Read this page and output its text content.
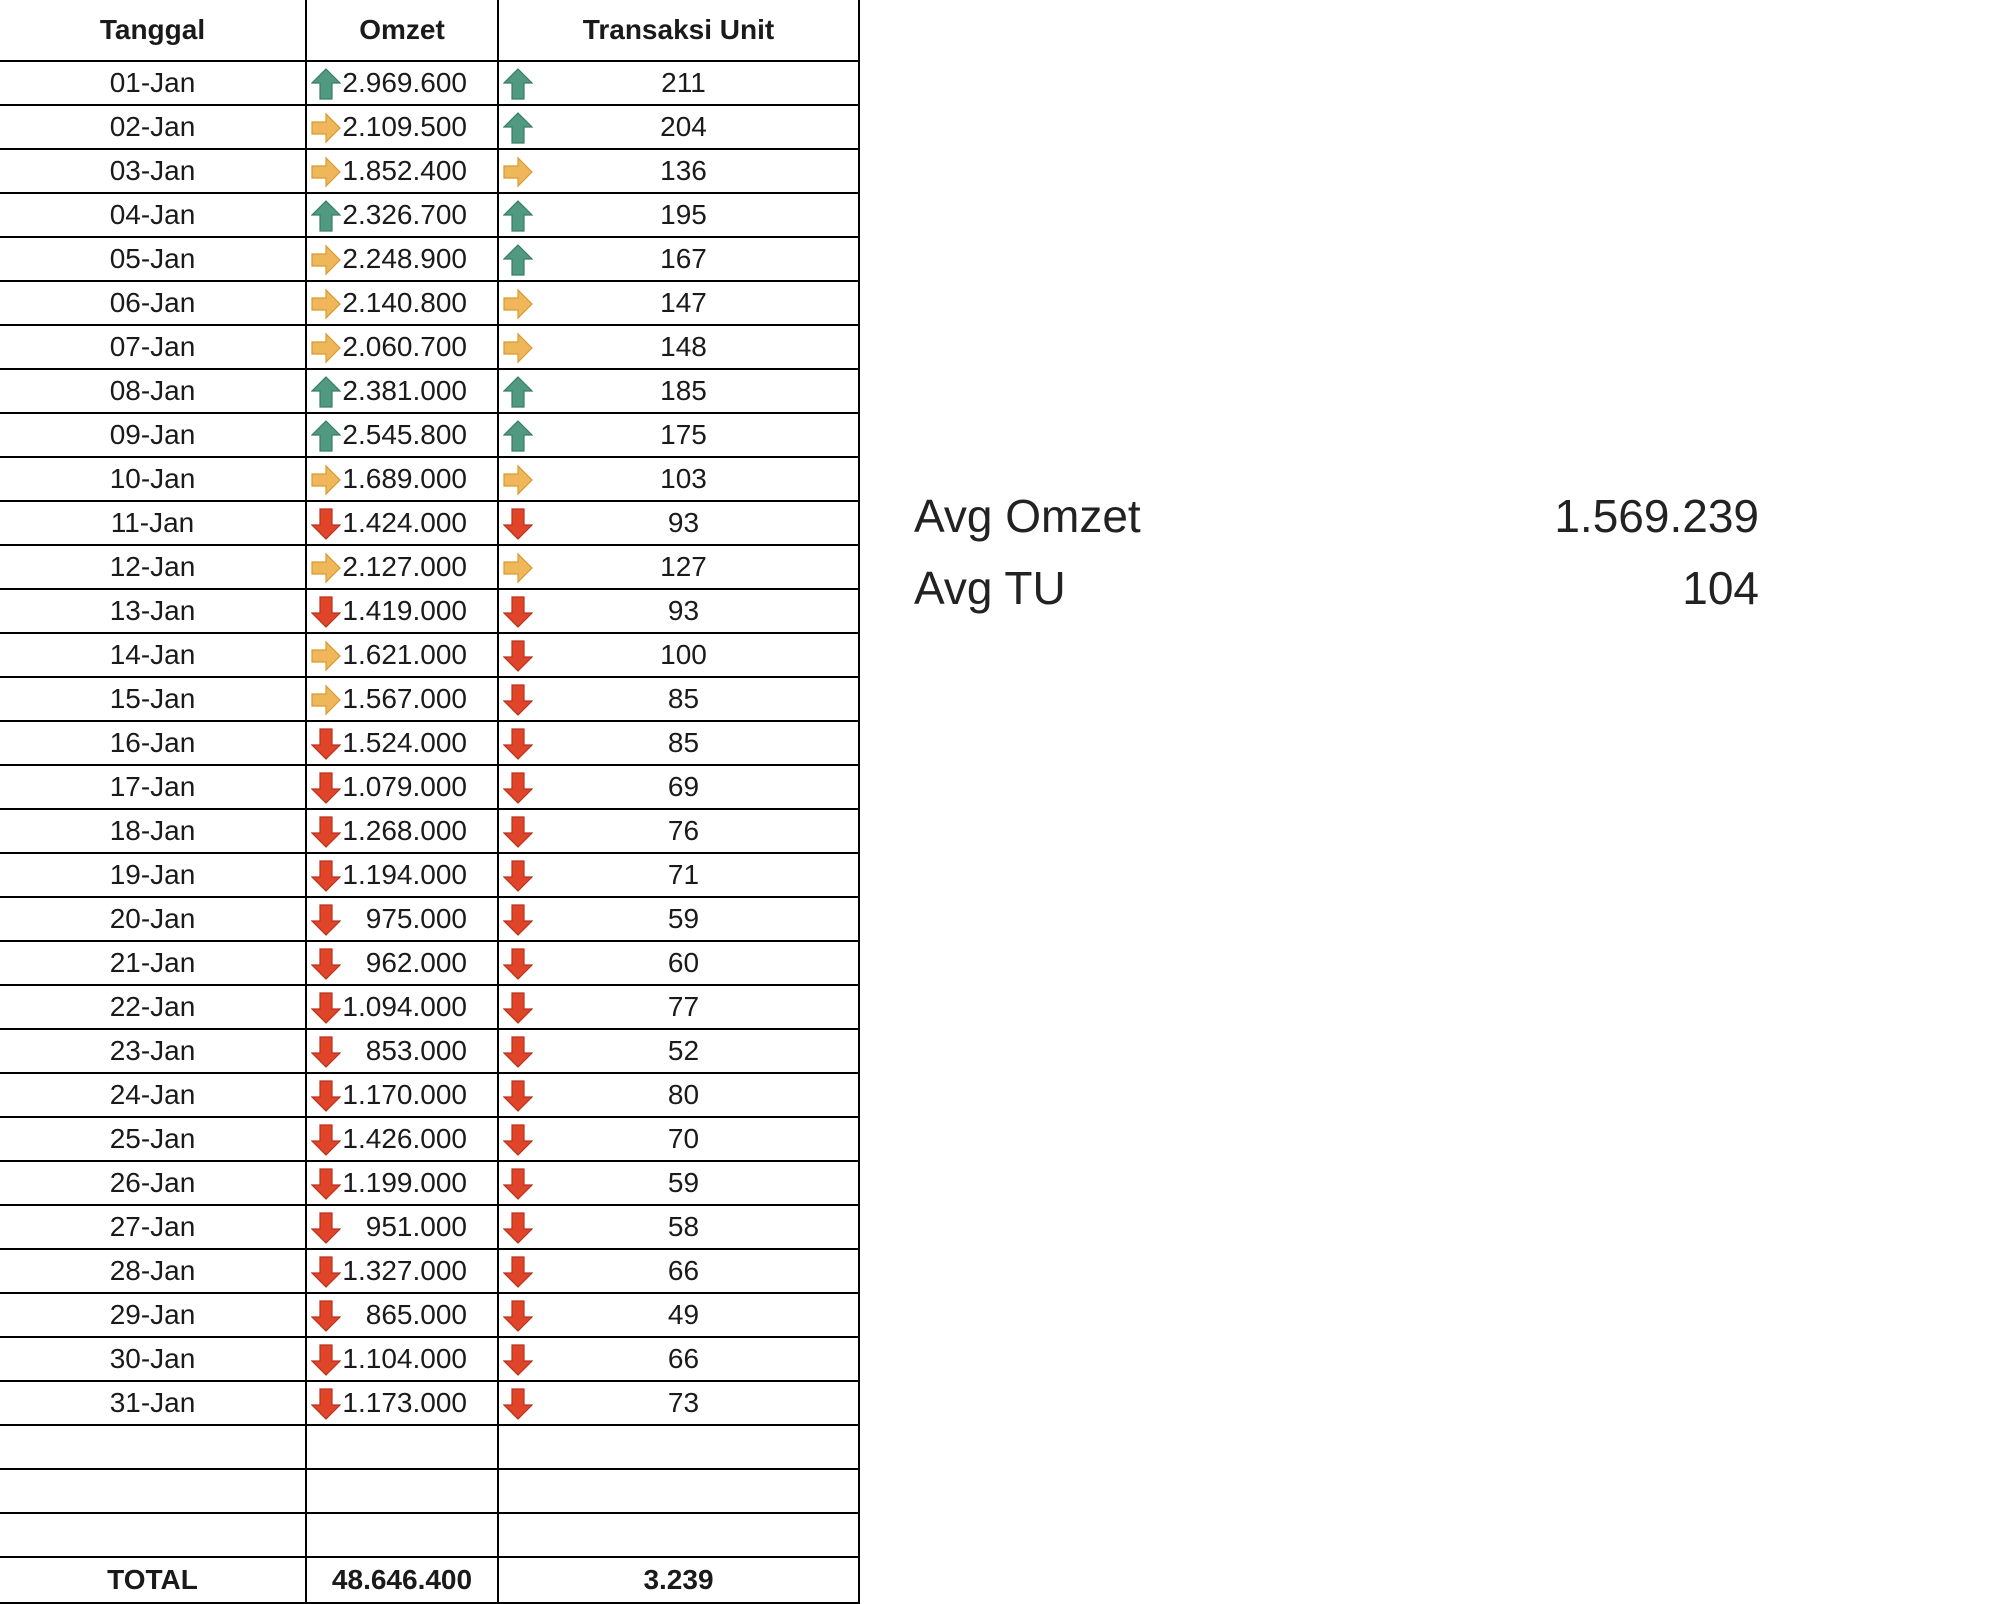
Tanggal	Omzet	Transaksi Unit
01-Jan	2.969.600	211
02-Jan	2.109.500	204
03-Jan	1.852.400	136
04-Jan	2.326.700	195
05-Jan	2.248.900	167
06-Jan	2.140.800	147
07-Jan	2.060.700	148
08-Jan	2.381.000	185
09-Jan	2.545.800	175
10-Jan	1.689.000	103
11-Jan	1.424.000	93
12-Jan	2.127.000	127
13-Jan	1.419.000	93
14-Jan	1.621.000	100
15-Jan	1.567.000	85
16-Jan	1.524.000	85
17-Jan	1.079.000	69
18-Jan	1.268.000	76
19-Jan	1.194.000	71
20-Jan	975.000	59
21-Jan	962.000	60
22-Jan	1.094.000	77
23-Jan	853.000	52
24-Jan	1.170.000	80
25-Jan	1.426.000	70
26-Jan	1.199.000	59
27-Jan	951.000	58
28-Jan	1.327.000	66
29-Jan	865.000	49
30-Jan	1.104.000	66
31-Jan	1.173.000	73

TOTAL	48.646.400	3.239
Avg Omzet	1.569.239
Avg TU	104
